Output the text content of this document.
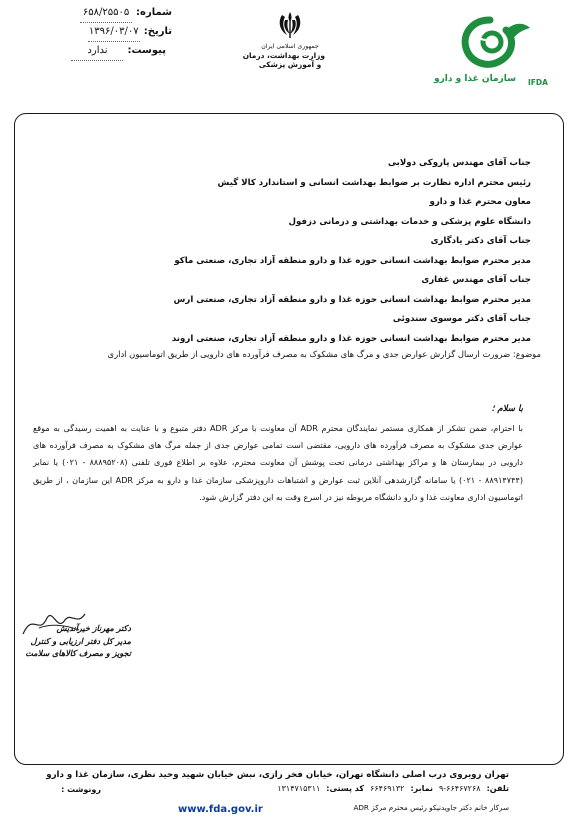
شماره:
۶۵۸/۲۵۵۰۵
تاریخ:
۱۳۹۶/۰۳/۰۷
پیوست:
ندارد	جمهوری اسلامی ایران
وزارت بهداشت، درمان
و آموزش پزشکی
سازمان غذا و دارو IFDA
جناب آقای مهندس پاروکی دولابی
رئیس محترم اداره نظارت بر ضوابط بهداشت انسانی و استاندارد کالا گیش
معاون محترم غذا و دارو
دانشگاه علوم پزشکی و خدمات بهداشتی و درمانی دزفول
جناب آقای دکتر یادگاری
مدیر محترم ضوابط بهداشت انسانی حوزه غذا و دارو منطقه آزاد تجاری، صنعتی ماکو
جناب آقای مهندس غفاری
مدیر محترم ضوابط بهداشت انسانی حوزه غذا و دارو منطقه آزاد تجاری، صنعتی ارس
جناب آقای دکتر موسوی سندوئی
مدیر محترم ضوابط بهداشت انسانی حوزه غذا و دارو منطقه آزاد تجاری، صنعتی اروند
موضوع: ضرورت ارسال گزارش عوارض جدی و مرگ های مشکوک به مصرف فرآورده های دارویی از طریق اتوماسیون اداری
با سلام ؛
با احترام، ضمن تشکر از همکاری مستمر نمایندگان محترم ADR آن معاونت با مرکز ADR دفتر متبوع و با عنایت به اهمیت رسیدگی به موقع عوارض جدی مشکوک به مصرف فرآورده های دارویی، مقتضی است تمامی عوارض جدی از جمله مرگ های مشکوک به مصرف فرآورده های دارویی در بیمارستان ها و مراکز بهداشتی درمانی تحت پوشش آن معاونت محترم، علاوه بر اطلاع فوری تلفنی (۸۸۸۹۵۲۰۸ - ۰۲۱) یا نمابر (۸۸۹۱۴۷۴۴ - ۰۲۱) یا سامانه گزارشدهی آنلاین ثبت عوارض و اشتباهات داروپزشکی سازمان غذا و دارو به مرکز ADR این سازمان ، از طریق اتوماسیون اداری معاونت غذا و دارو دانشگاه مربوطه نیز در اسرع وقت به این دفتر گزارش شود.
دکتر مهرناز خیرآندیش
مدیر کل دفتر ارزیابی و کنترل
تجویز و مصرف کالاهای سلامت
تهران روبروی درب اصلی دانشگاه تهران، خیابان فخر رازی، نبش خیابان شهید وحید نظری، سازمان غذا و دارو
تلفن:
۹-۶۶۴۶۷۲۶۸
نمابر:
۶۶۴۶۹۱۳۲
کد پستی:
۱۳۱۴۷۱۵۳۱۱
رونوشت :
www.fda.gov.ir	سرکار خانم دکتر جاویدنیکو رئیس محترم مرکز ADR
